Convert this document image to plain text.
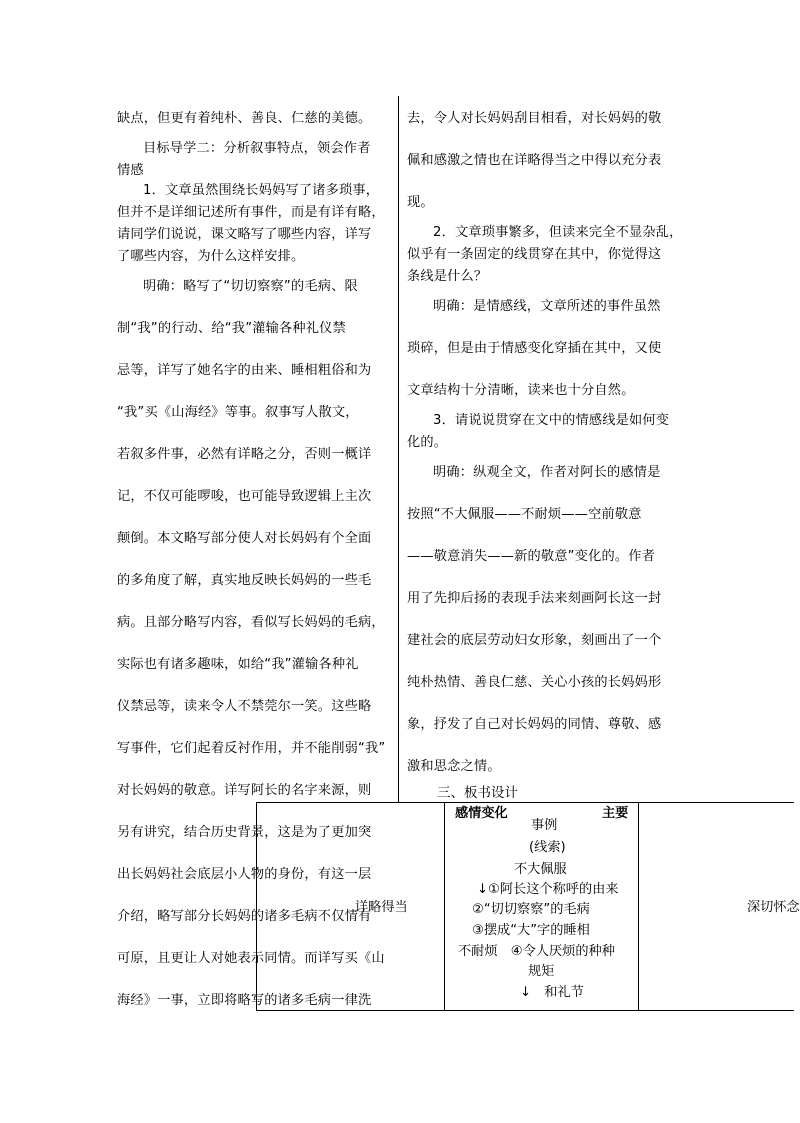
缺点，但更有着纯朴、善良、仁慈的美德。
目标导学二：分析叙事特点，领会作者
情感
1．文章虽然围绕长妈妈写了诸多琐事，
但并不是详细记述所有事件，而是有详有略，
请同学们说说，课文略写了哪些内容，详写
了哪些内容，为什么这样安排。
明确：略写了“切切察察”的毛病、限
制“我”的行动、给“我”灌输各种礼仪禁
忌等，详写了她名字的由来、睡相粗俗和为
“我”买《山海经》等事。叙事写人散文，
若叙多件事，必然有详略之分，否则一概详
记，不仅可能啰唆，也可能导致逻辑上主次
颠倒。本文略写部分使人对长妈妈有个全面
的多角度了解，真实地反映长妈妈的一些毛
病。且部分略写内容，看似写长妈妈的毛病，
实际也有诸多趣味，如给“我”灌输各种礼
仪禁忌等，读来令人不禁莞尔一笑。这些略
写事件，它们起着反衬作用，并不能削弱“我”
对长妈妈的敬意。详写阿长的名字来源，则
另有讲究，结合历史背景，这是为了更加突
出长妈妈社会底层小人物的身份，有这一层
介绍，略写部分长妈妈的诸多毛病不仅情有
可原，且更让人对她表示同情。而详写买《山
海经》一事，立即将略写的诸多毛病一律洗
去，令人对长妈妈刮目相看，对长妈妈的敬
佩和感激之情也在详略得当之中得以充分表
现。
2．文章琐事繁多，但读来完全不显杂乱，
似乎有一条固定的线贯穿在其中，你觉得这
条线是什么？
明确：是情感线，文章所述的事件虽然
琐碎，但是由于情感变化穿插在其中，又使
文章结构十分清晰，读来也十分自然。
3．请说说贯穿在文中的情感线是如何变
化的。
明确：纵观全文，作者对阿长的感情是
按照“不大佩服——不耐烦——空前敬意
——敬意消失——新的敬意”变化的。作者
用了先抑后扬的表现手法来刻画阿长这一封
建社会的底层劳动妇女形象，刻画出了一个
纯朴热情、善良仁慈、关心小孩的长妈妈形
象，抒发了自己对长妈妈的同情、尊敬、感
激和思念之情。
三、板书设计
感情变化	主要
事例
(线索)
不大佩服
↓①阿长这个称呼的由来
②“切切察察”的毛病
③摆成“大”字的睡相
不耐烦　④令人厌烦的种种
规矩
↓　和礼节
详略得当	深切怀念
